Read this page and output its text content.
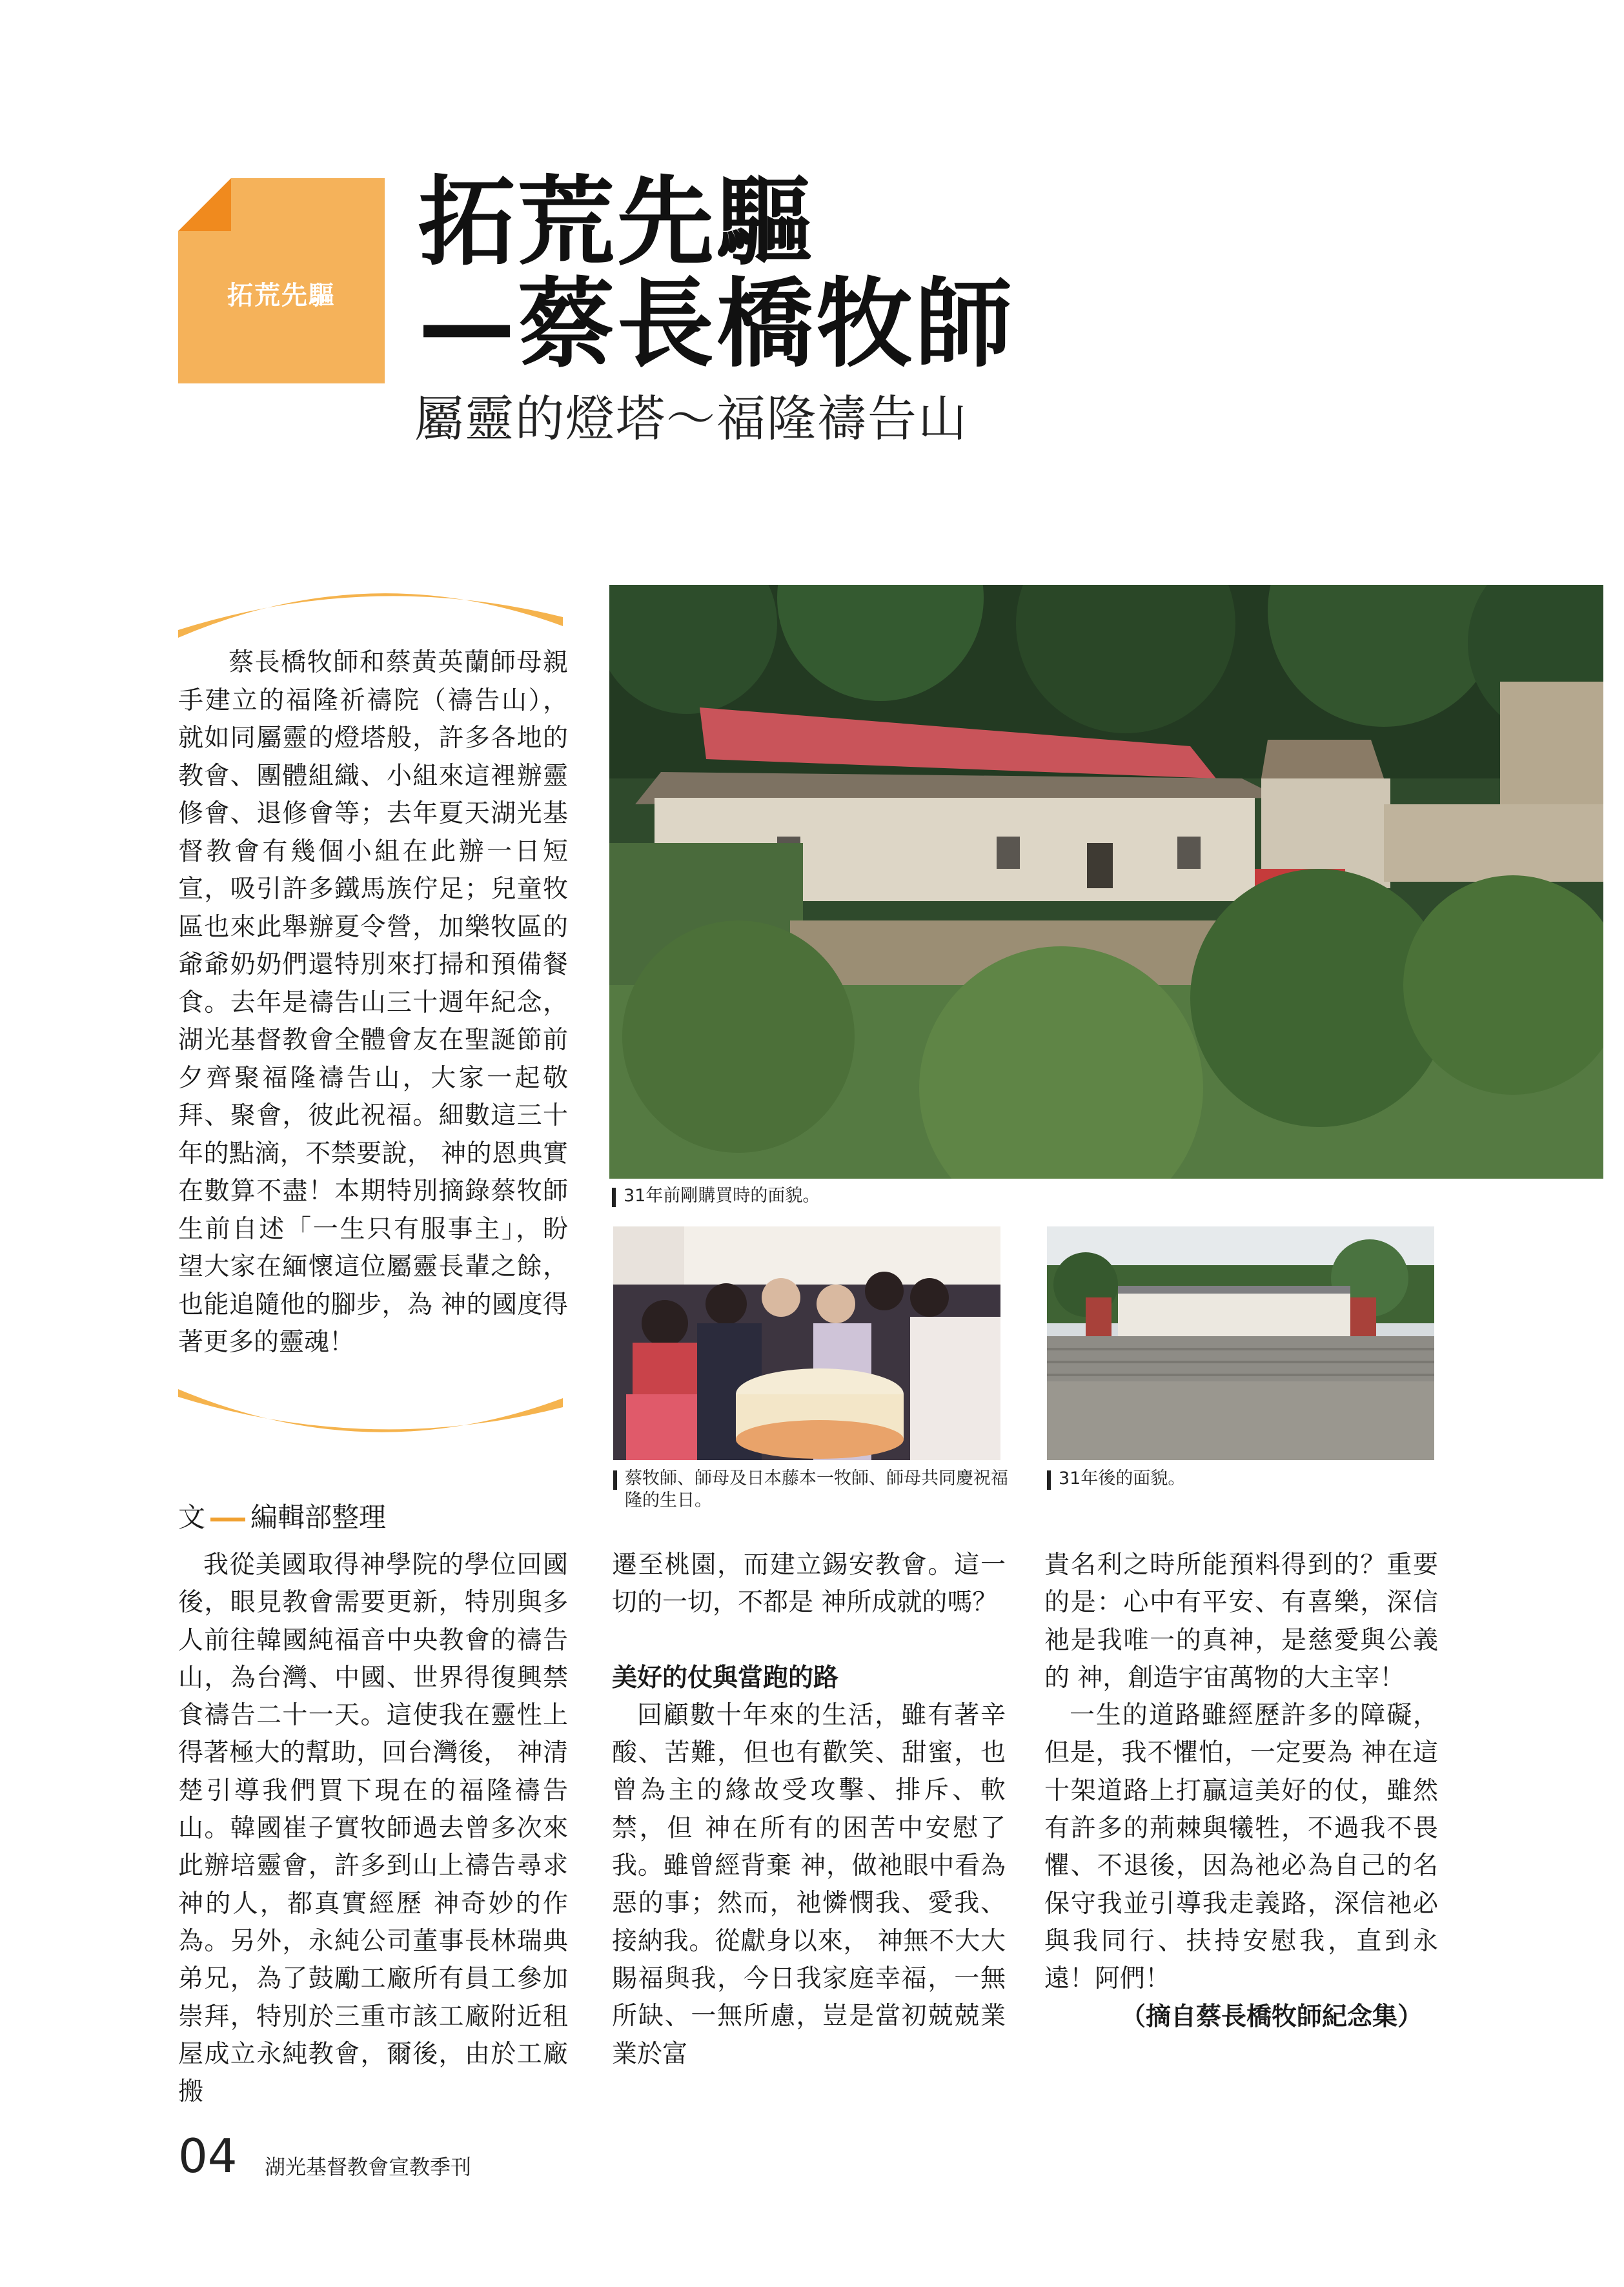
拓荒先驅
拓荒先驅
—蔡長橋牧師
屬靈的燈塔～福隆禱告山

蔡長橋牧師和蔡黃英蘭師母親手建立的福隆祈禱院（禱告山），就如同屬靈的燈塔般，許多各地的教會、團體組織、小組來這裡辦靈修會、退修會等；去年夏天湖光基督教會有幾個小組在此辦一日短宣，吸引許多鐵馬族佇足；兒童牧區也來此舉辦夏令營，加樂牧區的爺爺奶奶們還特別來打掃和預備餐食。去年是禱告山三十週年紀念，湖光基督教會全體會友在聖誕節前夕齊聚福隆禱告山，大家一起敬拜、聚會，彼此祝福。細數這三十年的點滴，不禁要說， 神的恩典實在數算不盡！本期特別摘錄蔡牧師生前自述「一生只有服事主」，盼望大家在緬懷這位屬靈長輩之餘，也能追隨他的腳步，為 神的國度得著更多的靈魂！

文 編輯部整理
31年前剛購買時的面貌。
蔡牧師、師母及日本藤本一牧師、師母共同慶祝福隆的生日。
31年後的面貌。

我從美國取得神學院的學位回國後，眼見教會需要更新，特別與多人前往韓國純福音中央教會的禱告山，為台灣、中國、世界得復興禁食禱告二十一天。這使我在靈性上得著極大的幫助，回台灣後， 神清楚引導我們買下現在的福隆禱告山。韓國崔子實牧師過去曾多次來此辦培靈會，許多到山上禱告尋求 神的人，都真實經歷 神奇妙的作為。另外，永純公司董事長林瑞典弟兄，為了鼓勵工廠所有員工參加崇拜，特別於三重市該工廠附近租屋成立永純教會，爾後，由於工廠搬

遷至桃園，而建立錫安教會。這一切的一切，不都是 神所成就的嗎？

美好的仗與當跑的路

回顧數十年來的生活，雖有著辛酸、苦難，但也有歡笑、甜蜜，也曾為主的緣故受攻擊、排斥、軟禁，但 神在所有的困苦中安慰了我。雖曾經背棄 神，做祂眼中看為惡的事；然而，祂憐憫我、愛我、接納我。從獻身以來， 神無不大大賜福與我，今日我家庭幸福，一無所缺、一無所慮，豈是當初兢兢業業於富

貴名利之時所能預料得到的？重要的是：心中有平安、有喜樂，深信祂是我唯一的真神，是慈愛與公義的 神，創造宇宙萬物的大主宰！

一生的道路雖經歷許多的障礙，但是，我不懼怕，一定要為 神在這十架道路上打贏這美好的仗，雖然有許多的荊棘與犧牲，不過我不畏懼、不退後，因為祂必為自己的名保守我並引導我走義路，深信祂必與我同行、扶持安慰我，直到永遠！阿們！

（摘自蔡長橋牧師紀念集）

04 湖光基督教會宣教季刊
